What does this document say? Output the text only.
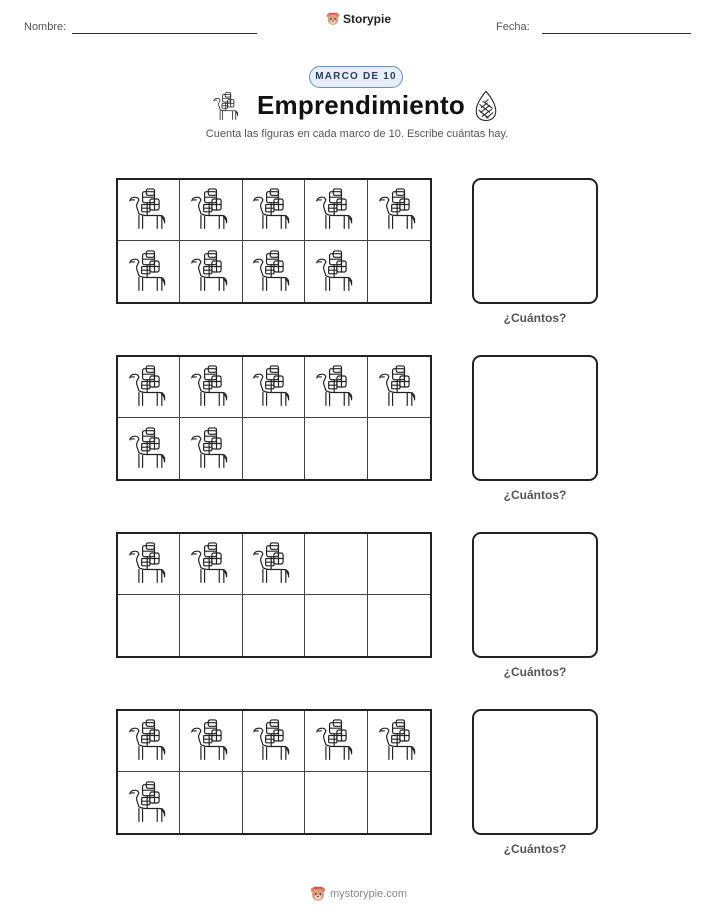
Nombre:
Storypie
Fecha:
MARCO DE 10
Emprendimiento
Cuenta las figuras en cada marco de 10. Escribe cuántas hay.
¿Cuántos?
¿Cuántos?
¿Cuántos?
¿Cuántos?
mystorypie.com
